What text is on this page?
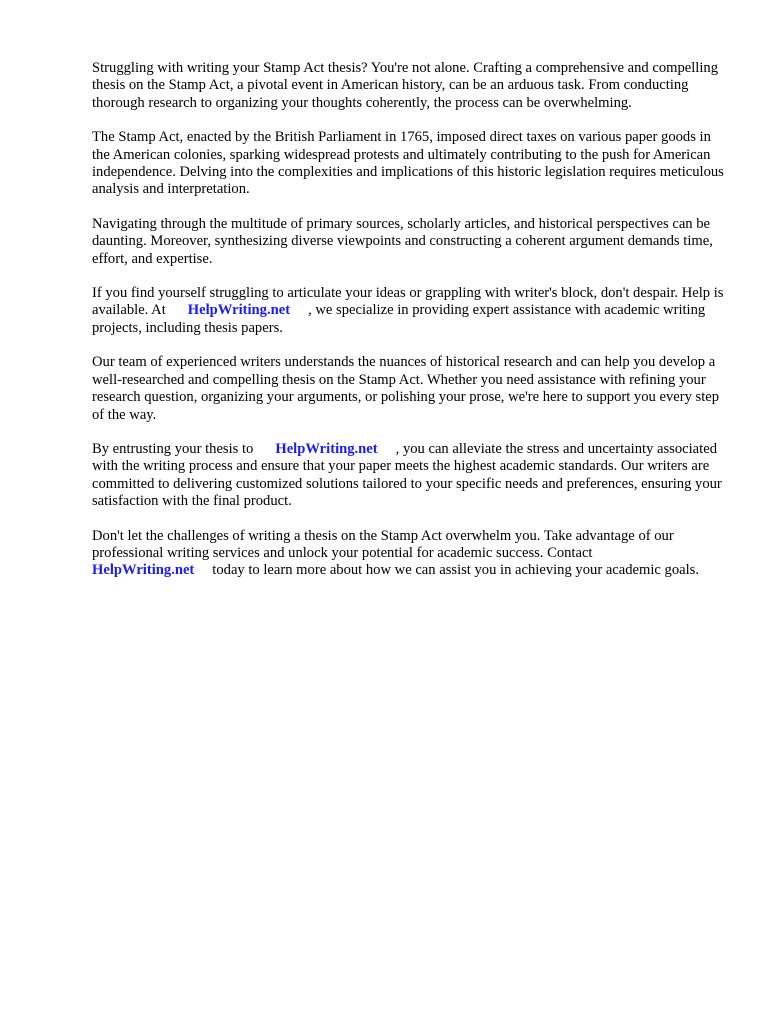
Struggling with writing your Stamp Act thesis? You're not alone. Crafting a comprehensive and compelling thesis on the Stamp Act, a pivotal event in American history, can be an arduous task. From conducting thorough research to organizing your thoughts coherently, the process can be overwhelming.

The Stamp Act, enacted by the British Parliament in 1765, imposed direct taxes on various paper goods in the American colonies, sparking widespread protests and ultimately contributing to the push for American independence. Delving into the complexities and implications of this historic legislation requires meticulous analysis and interpretation.

Navigating through the multitude of primary sources, scholarly articles, and historical perspectives can be daunting. Moreover, synthesizing diverse viewpoints and constructing a coherent argument demands time, effort, and expertise.

If you find yourself struggling to articulate your ideas or grappling with writer's block, don't despair. Help is available. At HelpWriting.net , we specialize in providing expert assistance with academic writing projects, including thesis papers.

Our team of experienced writers understands the nuances of historical research and can help you develop a well-researched and compelling thesis on the Stamp Act. Whether you need assistance with refining your research question, organizing your arguments, or polishing your prose, we're here to support you every step of the way.

By entrusting your thesis to HelpWriting.net , you can alleviate the stress and uncertainty associated with the writing process and ensure that your paper meets the highest academic standards. Our writers are committed to delivering customized solutions tailored to your specific needs and preferences, ensuring your satisfaction with the final product.

Don't let the challenges of writing a thesis on the Stamp Act overwhelm you. Take advantage of our professional writing services and unlock your potential for academic success. Contact HelpWriting.net today to learn more about how we can assist you in achieving your academic goals.
